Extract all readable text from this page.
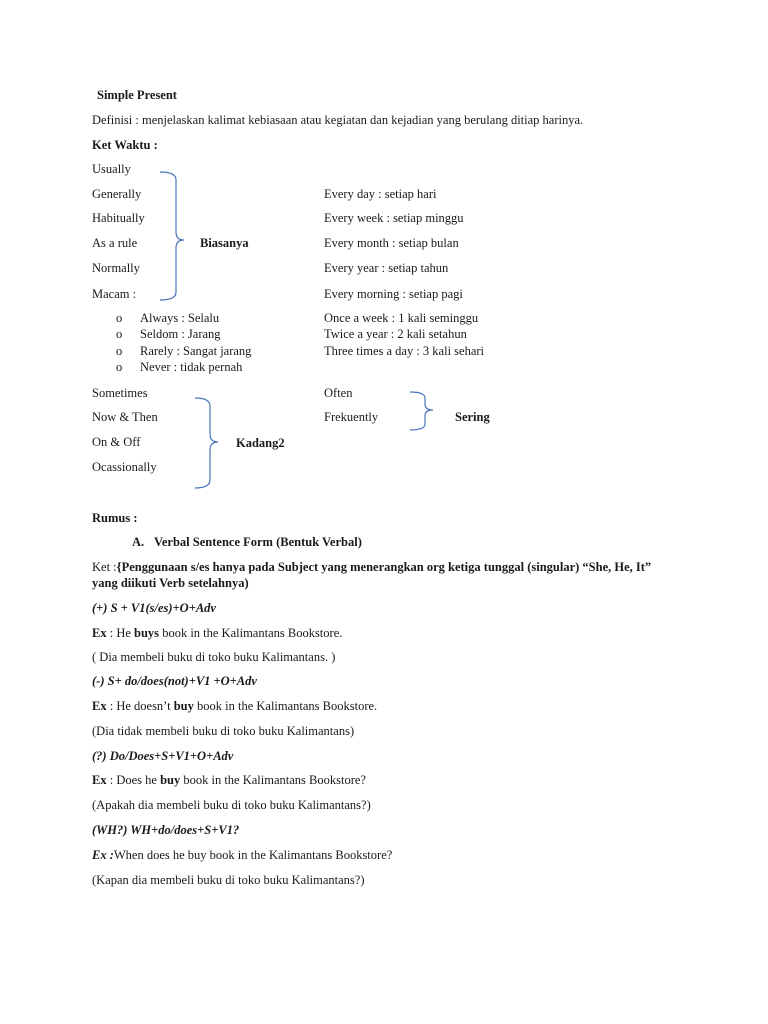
Simple Present
Definisi : menjelaskan kalimat kebiasaan atau kegiatan dan kejadian yang berulang ditiap harinya.
Ket Waktu :
Usually
Generally
Habitually
As a rule
Normally
Macam :
Biasanya
Every day : setiap hari
Every week : setiap minggu
Every month : setiap bulan
Every year : setiap tahun
Every morning : setiap pagi
o Always : Selalu
o Seldom : Jarang
o Rarely : Sangat jarang
o Never : tidak pernah
Once a week : 1 kali seminggu
Twice a year : 2 kali setahun
Three times a day : 3 kali sehari
Sometimes
Now & Then
On & Off
Ocassionally
Kadang2
Often
Frekuently	Sering
Rumus :
A. Verbal Sentence Form (Bentuk Verbal)
Ket :{Penggunaan s/es hanya pada Subject yang menerangkan org ketiga tunggal (singular) “She, He, It”
yang diikuti Verb setelahnya)
(+) S + V1(s/es)+O+Adv
Ex : He buys book in the Kalimantans Bookstore.
( Dia membeli buku di toko buku Kalimantans. )
(-) S+ do/does(not)+V1 +O+Adv
Ex : He doesn’t buy book in the Kalimantans Bookstore.
(Dia tidak membeli buku di toko buku Kalimantans)
(?) Do/Does+S+V1+O+Adv
Ex : Does he buy book in the Kalimantans Bookstore?
(Apakah dia membeli buku di toko buku Kalimantans?)
(WH?) WH+do/does+S+V1?
Ex :When does he buy book in the Kalimantans Bookstore?
(Kapan dia membeli buku di toko buku Kalimantans?)
